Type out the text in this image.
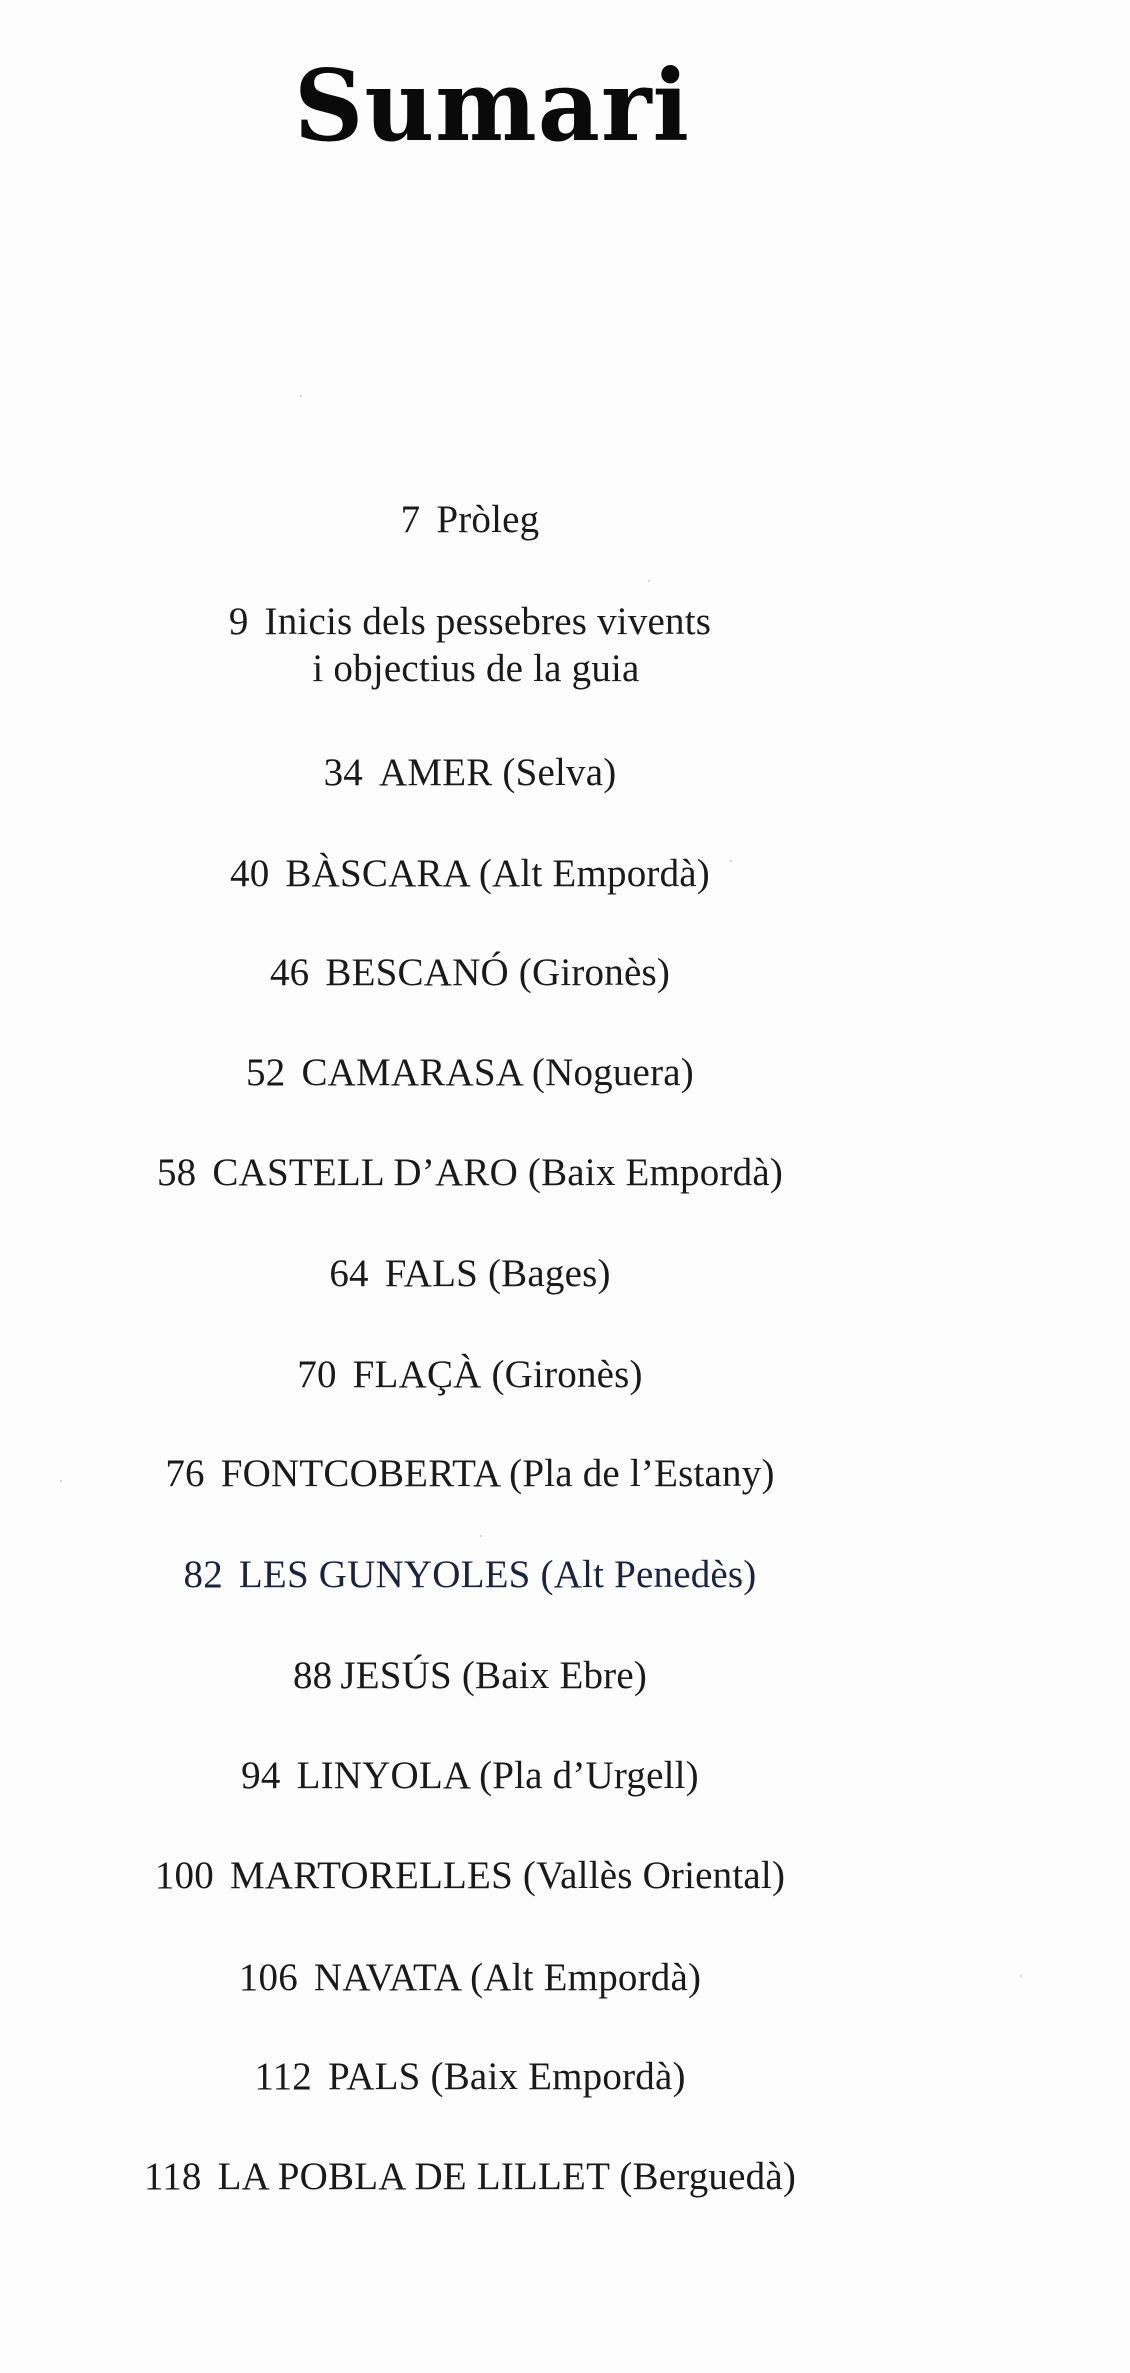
Sumari
7 Pròleg
9 Inicis dels pessebres vivents
i objectius de la guia
34 AMER (Selva)
40 BÀSCARA (Alt Empordà)
46 BESCANÓ (Gironès)
52 CAMARASA (Noguera)
58 CASTELL D’ARO (Baix Empordà)
64 FALS (Bages)
70 FLAÇÀ (Gironès)
76 FONTCOBERTA (Pla de l’Estany)
82 LES GUNYOLES (Alt Penedès)
88 JESÚS (Baix Ebre)
94 LINYOLA (Pla d’Urgell)
100 MARTORELLES (Vallès Oriental)
106 NAVATA (Alt Empordà)
112 PALS (Baix Empordà)
118 LA POBLA DE LILLET (Berguedà)
